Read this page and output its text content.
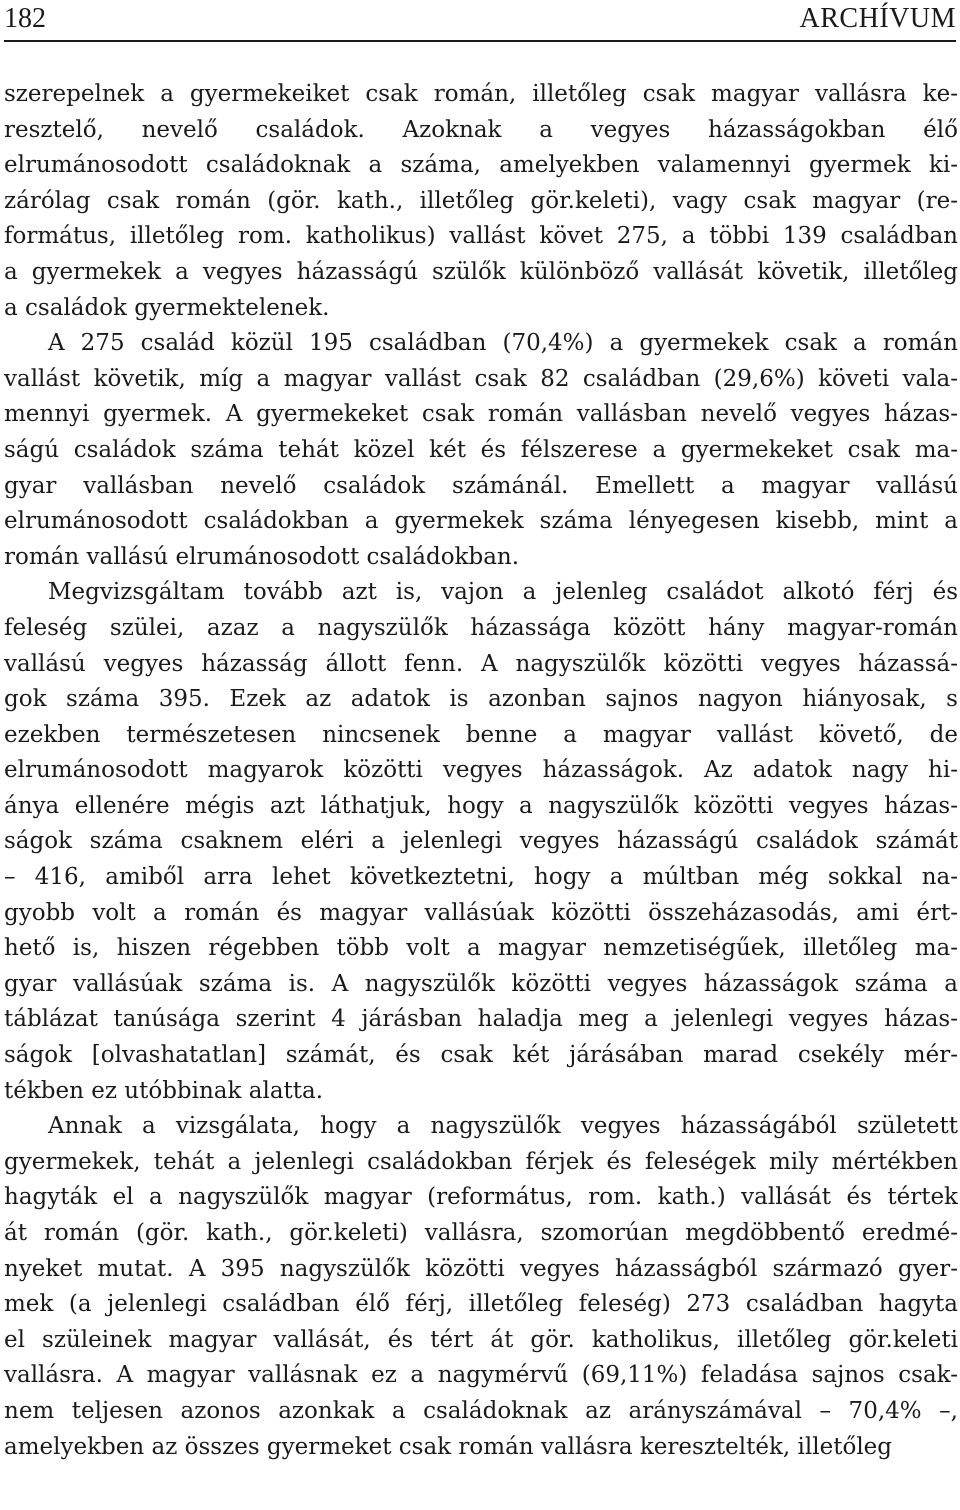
182	ARCHÍVUM

szerepelnek a gyermekeiket csak román, illetőleg csak magyar vallásra ke-
resztelő, nevelő családok. Azoknak a vegyes házasságokban élő
elrumánosodott családoknak a száma, amelyekben valamennyi gyermek ki-
zárólag csak román (gör. kath., illetőleg gör.keleti), vagy csak magyar (re-
formátus, illetőleg rom. katholikus) vallást követ 275, a többi 139 családban
a gyermekek a vegyes házasságú szülők különböző vallását követik, illetőleg
a családok gyermektelenek.

A 275 család közül 195 családban (70,4%) a gyermekek csak a román
vallást követik, míg a magyar vallást csak 82 családban (29,6%) követi vala-
mennyi gyermek. A gyermekeket csak román vallásban nevelő vegyes házas-
ságú családok száma tehát közel két és félszerese a gyermekeket csak ma-
gyar vallásban nevelő családok számánál. Emellett a magyar vallású
elrumánosodott családokban a gyermekek száma lényegesen kisebb, mint a
román vallású elrumánosodott családokban.

Megvizsgáltam tovább azt is, vajon a jelenleg családot alkotó férj és
feleség szülei, azaz a nagyszülők házassága között hány magyar-román
vallású vegyes házasság állott fenn. A nagyszülők közötti vegyes házassá-
gok száma 395. Ezek az adatok is azonban sajnos nagyon hiányosak, s
ezekben természetesen nincsenek benne a magyar vallást követő, de
elrumánosodott magyarok közötti vegyes házasságok. Az adatok nagy hi-
ánya ellenére mégis azt láthatjuk, hogy a nagyszülők közötti vegyes házas-
ságok száma csaknem eléri a jelenlegi vegyes házasságú családok számát
– 416, amiből arra lehet következtetni, hogy a múltban még sokkal na-
gyobb volt a román és magyar vallásúak közötti összeházasodás, ami ért-
hető is, hiszen régebben több volt a magyar nemzetiségűek, illetőleg ma-
gyar vallásúak száma is. A nagyszülők közötti vegyes házasságok száma a
táblázat tanúsága szerint 4 járásban haladja meg a jelenlegi vegyes házas-
ságok [olvashatatlan] számát, és csak két járásában marad csekély mér-
tékben ez utóbbinak alatta.

Annak a vizsgálata, hogy a nagyszülők vegyes házasságából született
gyermekek, tehát a jelenlegi családokban férjek és feleségek mily mértékben
hagyták el a nagyszülők magyar (református, rom. kath.) vallását és tértek
át román (gör. kath., gör.keleti) vallásra, szomorúan megdöbbentő eredmé-
nyeket mutat. A 395 nagyszülők közötti vegyes házasságból származó gyer-
mek (a jelenlegi családban élő férj, illetőleg feleség) 273 családban hagyta
el szüleinek magyar vallását, és tért át gör. katholikus, illetőleg gör.keleti
vallásra. A magyar vallásnak ez a nagymérvű (69,11%) feladása sajnos csak-
nem teljesen azonos azonkak a családoknak az arányszámával – 70,4% –,
amelyekben az összes gyermeket csak román vallásra keresztelték, illetőleg
